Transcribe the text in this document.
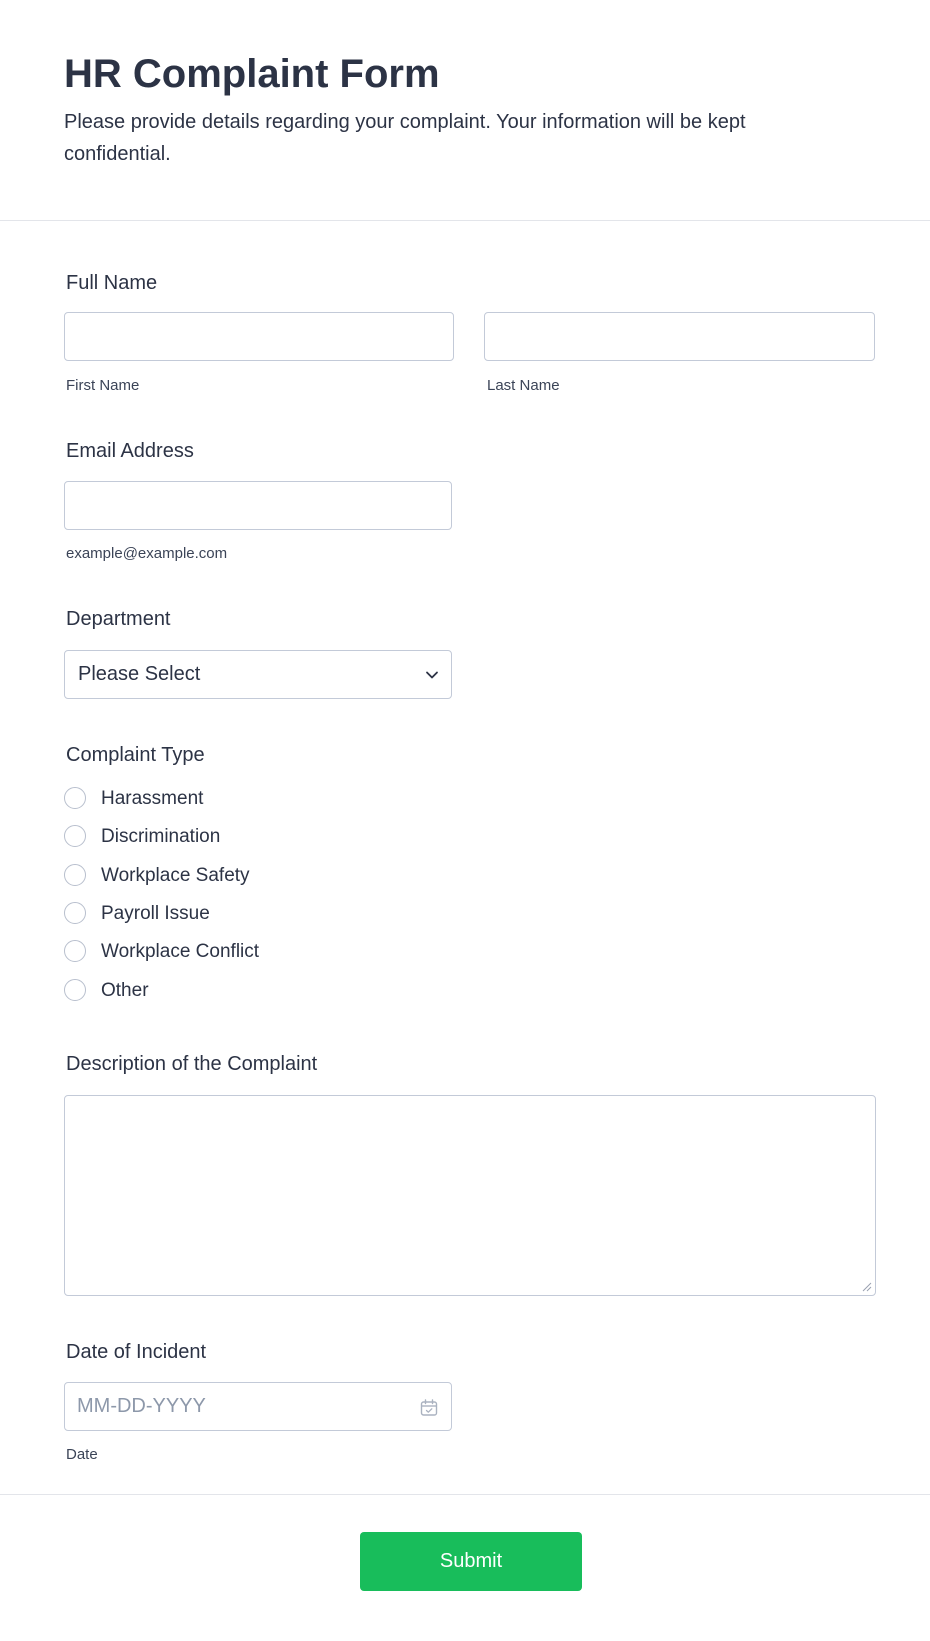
HR Complaint Form

Please provide details regarding your complaint. Your information will be kept confidential.

Full Name
First Name	Last Name
Email Address
example@example.com
Department
Please Select
Complaint Type
Harassment
Discrimination
Workplace Safety
Payroll Issue
Workplace Conflict
Other
Description of the Complaint
Date of Incident
MM-DD-YYYY
Date
Submit
